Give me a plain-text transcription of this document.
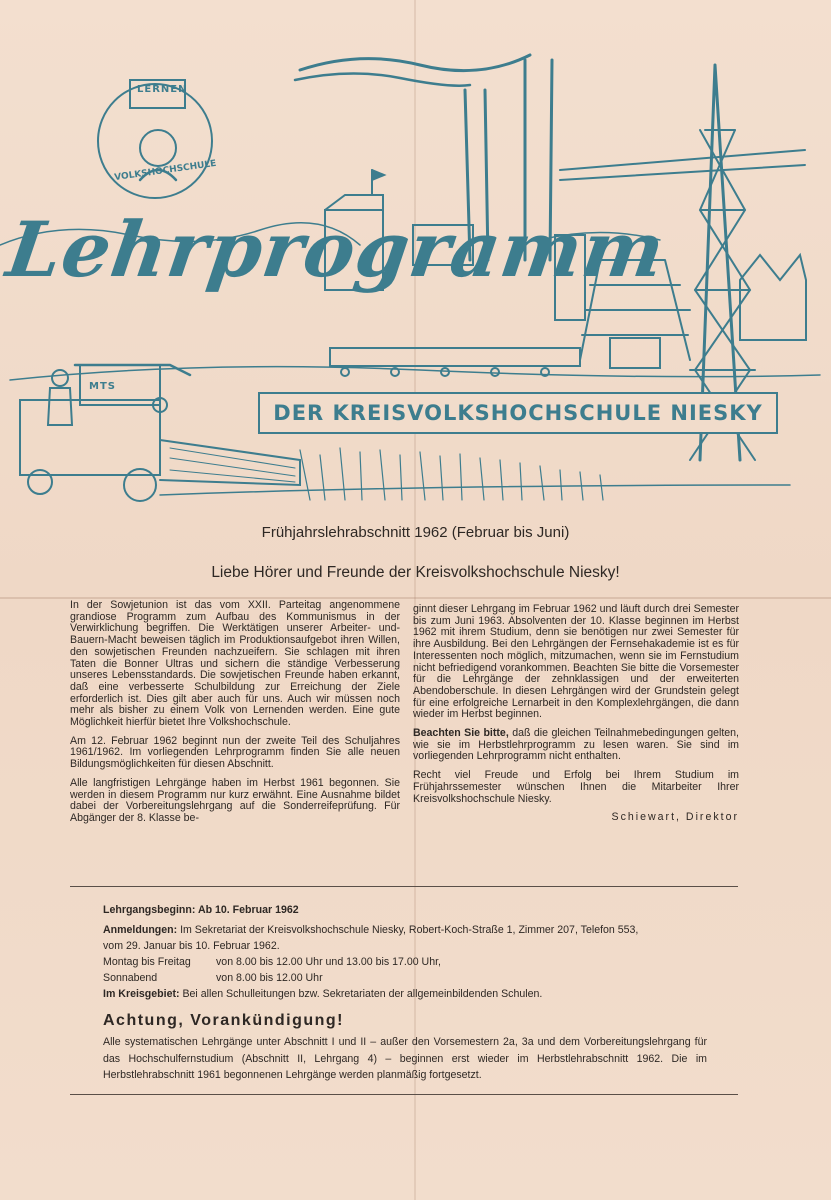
LERNEN
VOLKSHOCHSCHULE
MTS
Lehrprogramm
DER KREISVOLKSHOCHSCHULE NIESKY
Frühjahrslehrabschnitt 1962 (Februar bis Juni)
Liebe Hörer und Freunde der Kreisvolkshochschule Niesky!

In der Sowjetunion ist das vom XXII. Parteitag angenommene grandiose Programm zum Aufbau des Kommunismus in der Verwirklichung begriffen. Die Werktätigen unserer Arbeiter- und-Bauern-Macht beweisen täglich im Produktionsaufgebot ihren Willen, den sowjetischen Freunden nachzueifern. Sie schlagen mit ihren Taten die Bonner Ultras und sichern die ständige Verbesserung unseres Lebensstandards. Die sowjetischen Freunde haben erkannt, daß eine verbesserte Schulbildung zur Erreichung der Ziele erforderlich ist. Dies gilt aber auch für uns. Auch wir müssen noch mehr als bisher zu einem Volk von Lernenden werden. Eine gute Möglichkeit hierfür bietet Ihre Volkshochschule.

Am 12. Februar 1962 beginnt nun der zweite Teil des Schuljahres 1961/1962. Im vorliegenden Lehrprogramm finden Sie alle neuen Bildungsmöglichkeiten für diesen Abschnitt.

Alle langfristigen Lehrgänge haben im Herbst 1961 begonnen. Sie werden in diesem Programm nur kurz erwähnt. Eine Ausnahme bildet dabei der Vorbereitungslehrgang auf die Sonderreifeprüfung. Für Abgänger der 8. Klasse be-

ginnt dieser Lehrgang im Februar 1962 und läuft durch drei Semester bis zum Juni 1963. Absolventen der 10. Klasse beginnen im Herbst 1962 mit ihrem Studium, denn sie benötigen nur zwei Semester für ihre Ausbildung. Bei den Lehrgängen der Fernsehakademie ist es für Interessenten noch möglich, mitzumachen, wenn sie im Fernstudium nicht befriedigend vorankommen. Beachten Sie bitte die Vorsemester für die Lehrgänge der zehnklassigen und der erweiterten Abendoberschule. In diesen Lehrgängen wird der Grundstein gelegt für eine erfolgreiche Lernarbeit in den Komplexlehrgängen, die dann wieder im Herbst beginnen.

Beachten Sie bitte, daß die gleichen Teilnahmebedingungen gelten, wie sie im Herbstlehrprogramm zu lesen waren. Sie sind im vorliegenden Lehrprogramm nicht enthalten.

Recht viel Freude und Erfolg bei Ihrem Studium im Frühjahrssemester wünschen Ihnen die Mitarbeiter Ihrer Kreisvolkshochschule Niesky.

Schiewart, Direktor

Lehrgangsbeginn: Ab 10. Februar 1962
Anmeldungen: Im Sekretariat der Kreisvolkshochschule Niesky, Robert-Koch-Straße 1, Zimmer 207, Telefon 553,
vom 29. Januar bis 10. Februar 1962.
Montag bis Freitag von 8.00 bis 12.00 Uhr und 13.00 bis 17.00 Uhr,
Sonnabend	von 8.00 bis 12.00 Uhr
Im Kreisgebiet: Bei allen Schulleitungen bzw. Sekretariaten der allgemeinbildenden Schulen.
Achtung, Vorankündigung!
Alle systematischen Lehrgänge unter Abschnitt I und II – außer den Vorsemestern 2a, 3a und dem Vorbereitungslehrgang für das Hochschulfernstudium (Abschnitt II, Lehrgang 4) – beginnen erst wieder im Herbstlehrabschnitt 1962. Die im Herbstlehrabschnitt 1961 begonnenen Lehrgänge werden planmäßig fortgesetzt.
